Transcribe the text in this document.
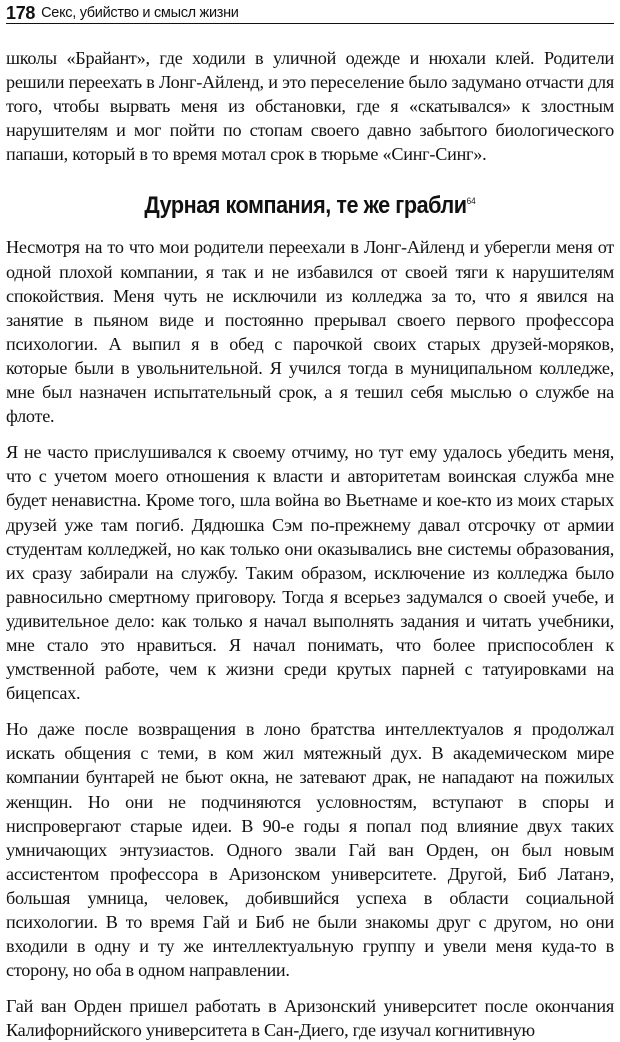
178 Секс, убийство и смысл жизни

школы «Брайант», где ходили в уличной одежде и нюхали клей. Родители решили переехать в Лонг-Айленд, и это переселение было задумано отчасти для того, чтобы вырвать меня из обстановки, где я «скатывался» к злостным нарушителям и мог пойти по стопам своего давно забытого биологического папаши, который в то время мотал срок в тюрьме «Синг-Синг».

Дурная компания, те же грабли$^{64}$

Несмотря на то что мои родители переехали в Лонг-Айленд и уберегли меня от одной плохой компании, я так и не избавился от своей тяги к нарушителям спокойствия. Меня чуть не исключили из колледжа за то, что я явился на занятие в пьяном виде и постоянно прерывал своего первого профессора психологии. А выпил я в обед с парочкой своих старых друзей-моряков, которые были в увольнительной. Я учился тогда в муниципальном колледже, мне был назначен испытательный срок, а я тешил себя мыслью о службе на флоте.

Я не часто прислушивался к своему отчиму, но тут ему удалось убедить меня, что с учетом моего отношения к власти и авторитетам воинская служба мне будет ненавистна. Кроме того, шла война во Вьетнаме и кое-кто из моих старых друзей уже там погиб. Дядюшка Сэм по-прежнему давал отсрочку от армии студентам колледжей, но как только они оказывались вне системы образования, их сразу забирали на службу. Таким образом, исключение из колледжа было равносильно смертному приговору. Тогда я всерьез задумался о своей учебе, и удивительное дело: как только я начал выполнять задания и читать учебники, мне стало это нравиться. Я начал понимать, что более приспособлен к умственной работе, чем к жизни среди крутых парней с татуировками на бицепсах.

Но даже после возвращения в лоно братства интеллектуалов я продолжал искать общения с теми, в ком жил мятежный дух. В академическом мире компании бунтарей не бьют окна, не затевают драк, не нападают на пожилых женщин. Но они не подчиняются условностям, вступают в споры и ниспровергают старые идеи. В 90-е годы я попал под влияние двух таких умничающих энтузиастов. Одного звали Гай ван Орден, он был новым ассистентом профессора в Аризонском университете. Другой, Биб Латанэ, большая умница, человек, добившийся успеха в области социальной психологии. В то время Гай и Биб не были знакомы друг с другом, но они входили в одну и ту же интеллектуальную группу и увели меня куда-то в сторону, но оба в одном направлении.

Гай ван Орден пришел работать в Аризонский университет после окончания Калифорнийского университета в Сан-Диего, где изучал когнитивную
